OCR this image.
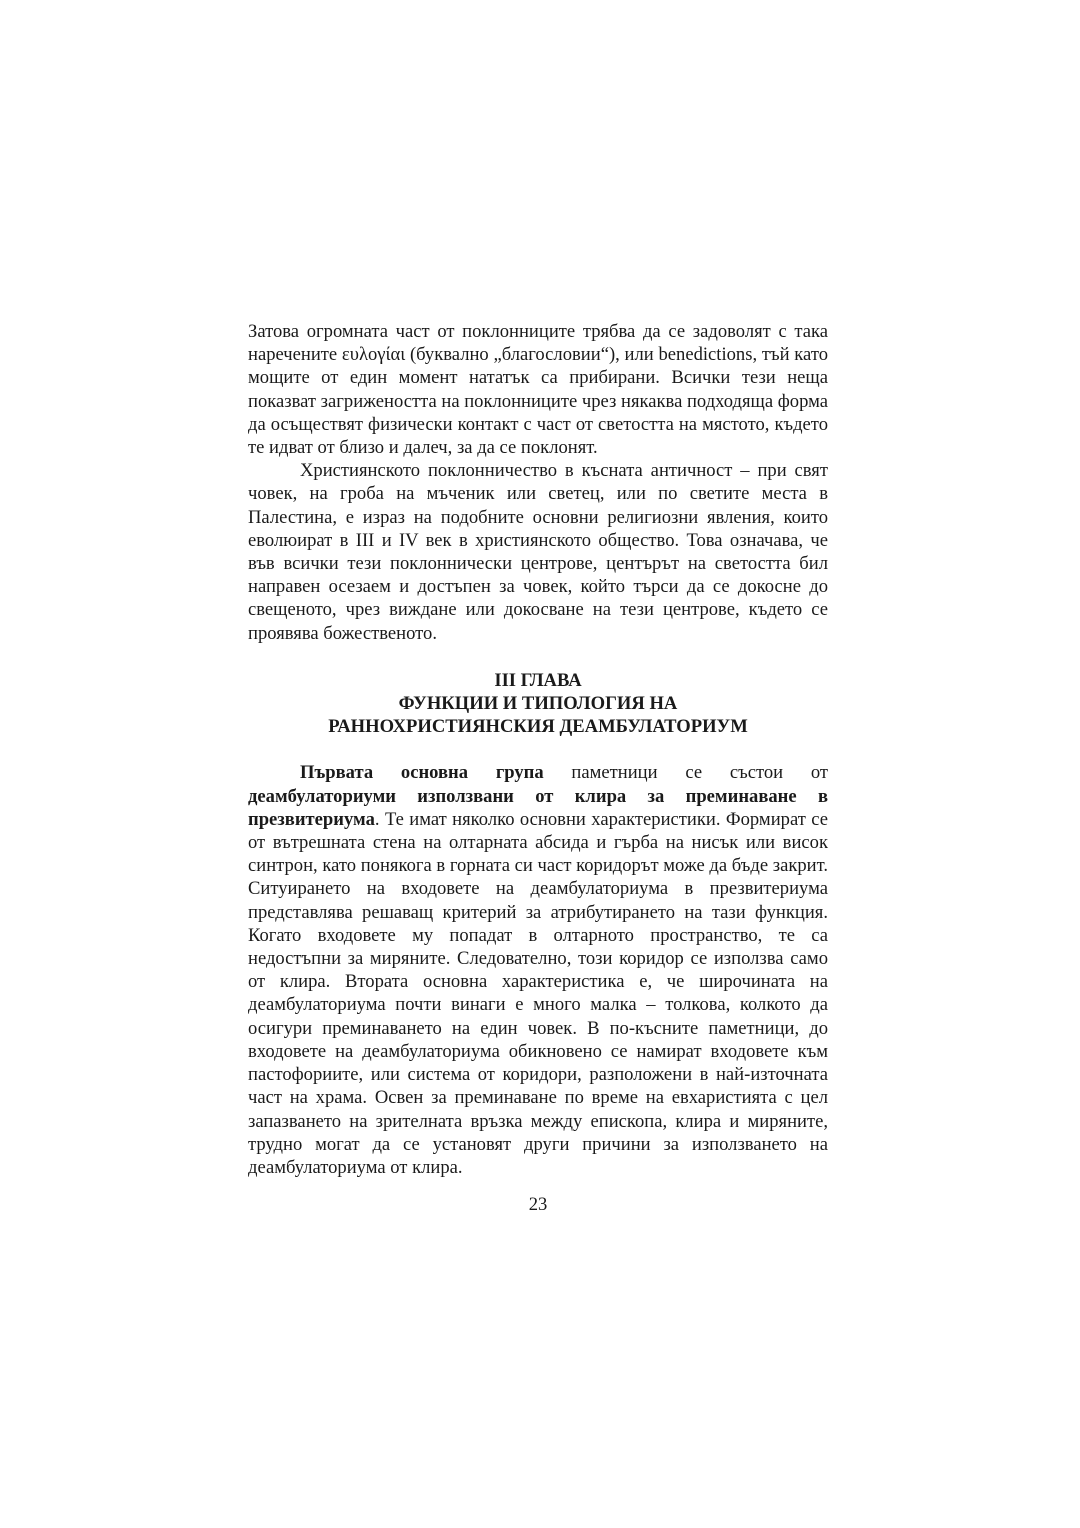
Затова огромната част от поклонниците трябва да се задоволят с така наречените ευλογίαι (буквално „благословии“), или benedictions, тъй като мощите от един момент нататък са прибирани. Всички тези неща показват загрижеността на поклонниците чрез някаква подходяща форма да осъществят физически контакт с част от светостта на мястото, където те идват от близо и далеч, за да се поклонят.

Християнското поклонничество в късната античност – при свят човек, на гроба на мъченик или светец, или по светите места в Палестина, е израз на подобните основни религиозни явления, които еволюират в III и IV век в християнското общество. Това означава, че във всички тези поклоннически центрове, центърът на светостта бил направен осезаем и достъпен за човек, който търси да се докосне до свещеното, чрез виждане или докосване на тези центрове, където се проявява божественото.

III ГЛАВА
ФУНКЦИИ И ТИПОЛОГИЯ НА
РАННОХРИСТИЯНСКИЯ ДЕАМБУЛАТОРИУМ

Първата основна група паметници се състои от деамбулаториуми използвани от клира за преминаване в презвитериума. Те имат няколко основни характеристики. Формират се от вътрешната стена на олтарната абсида и гърба на нисък или висок синтрон, като понякога в горната си част коридорът може да бъде закрит. Ситуирането на входовете на деамбулаториума в презвитериума представлява решаващ критерий за атрибутирането на тази функция. Когато входовете му попадат в олтарното пространство, те са недостъпни за миряните. Следователно, този коридор се използва само от клира. Втората основна характеристика е, че широчината на деамбулаториума почти винаги е много малка – толкова, колкото да осигури преминаването на един човек. В по-късните паметници, до входовете на деамбулаториума обикновено се намират входовете към пастофориите, или система от коридори, разположени в най-източната част на храма. Освен за преминаване по време на евхаристията с цел запазването на зрителната връзка между епископа, клира и миряните, трудно могат да се установят други причини за използването на деамбулаториума от клира.

23
